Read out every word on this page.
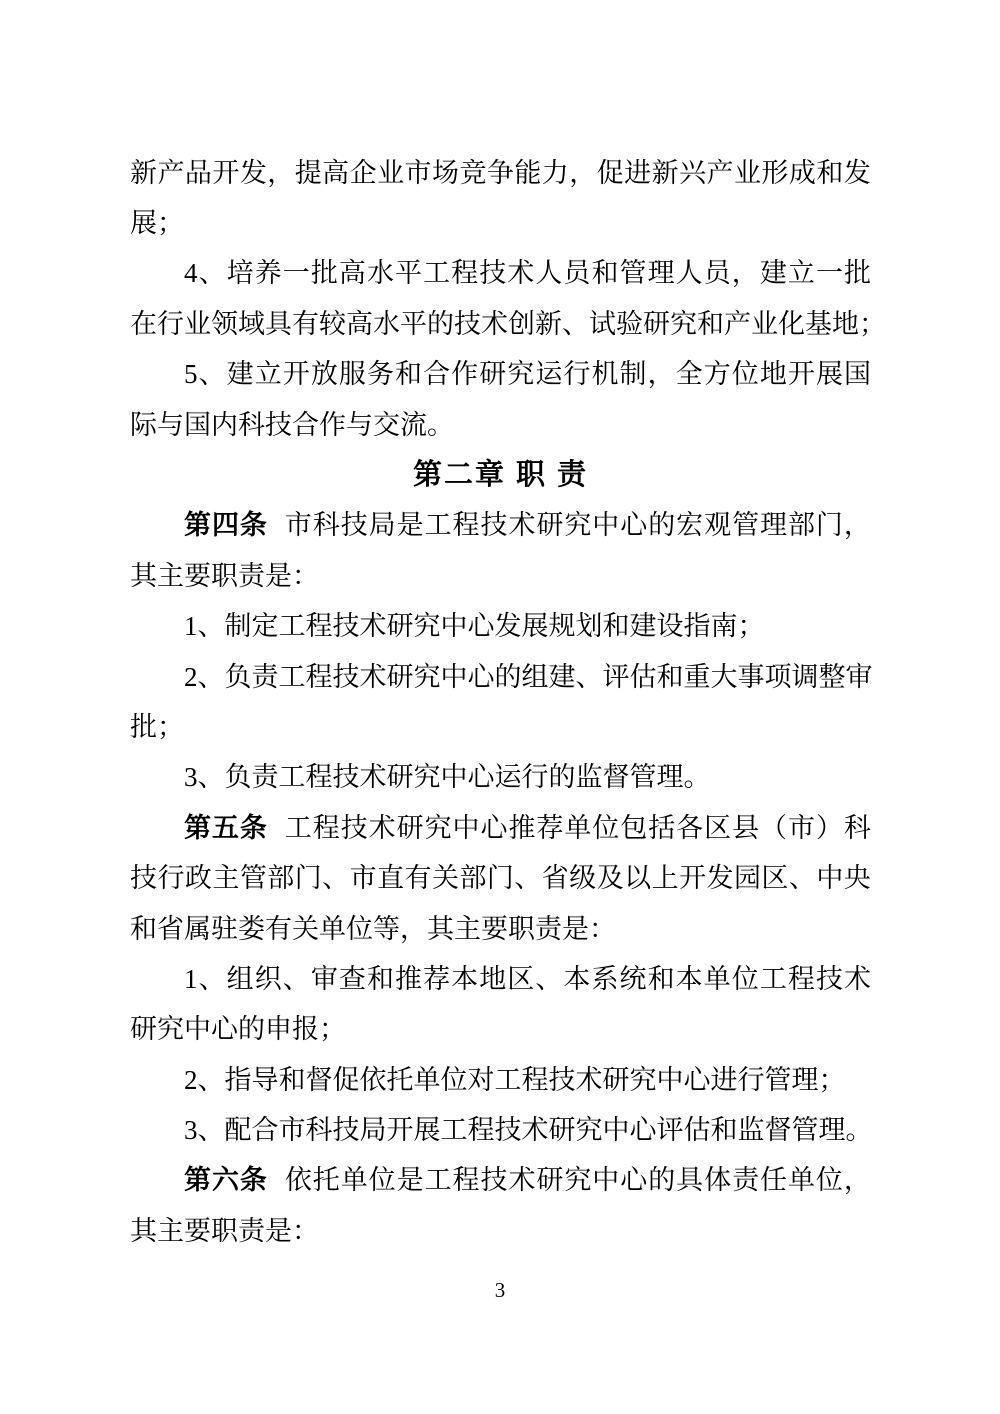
新 产 品 开 发 ， 提 高 企 业 市 场 竞 争 能 力 ， 促 进 新 兴 产 业 形 成 和 发
展；
4 、 培 养 一 批 高 水 平 工 程 技 术 人 员 和 管 理 人 员 ， 建 立 一 批
在 行 业 领 域 具 有 较 高 水 平 的 技 术 创 新 、 试 验 研 究 和 产 业 化 基 地 ；
5 、 建 立 开 放 服 务 和 合 作 研 究 运 行 机 制 ， 全 方 位 地 开 展 国
际与国内科技合作与交流。
第二章 职 责
第 四 条
市 科 技 局 是 工 程 技 术 研 究 中 心 的 宏 观 管 理 部 门 ，
其主要职责是：
1、制定工程技术研究中心发展规划和建设指南；
2 、 负 责 工 程 技 术 研 究 中 心 的 组 建 、 评 估 和 重 大 事 项 调 整 审
批；
3、负责工程技术研究中心运行的监督管理。
第 五 条
工 程 技 术 研 究 中 心 推 荐 单 位 包 括 各 区 县 （ 市 ） 科
技 行 政 主 管 部 门 、 市 直 有 关 部 门 、 省 级 及 以 上 开 发 园 区 、 中 央
和省属驻娄有关单位等，其主要职责是：
1 、 组 织 、 审 查 和 推 荐 本 地 区 、 本 系 统 和 本 单 位 工 程 技 术
研究中心的申报；
2、指导和督促依托单位对工程技术研究中心进行管理；
3 、 配 合 市 科 技 局 开 展 工 程 技 术 研 究 中 心 评 估 和 监 督 管 理 。
第 六 条
依 托 单 位 是 工 程 技 术 研 究 中 心 的 具 体 责 任 单 位 ，
其主要职责是：
3
